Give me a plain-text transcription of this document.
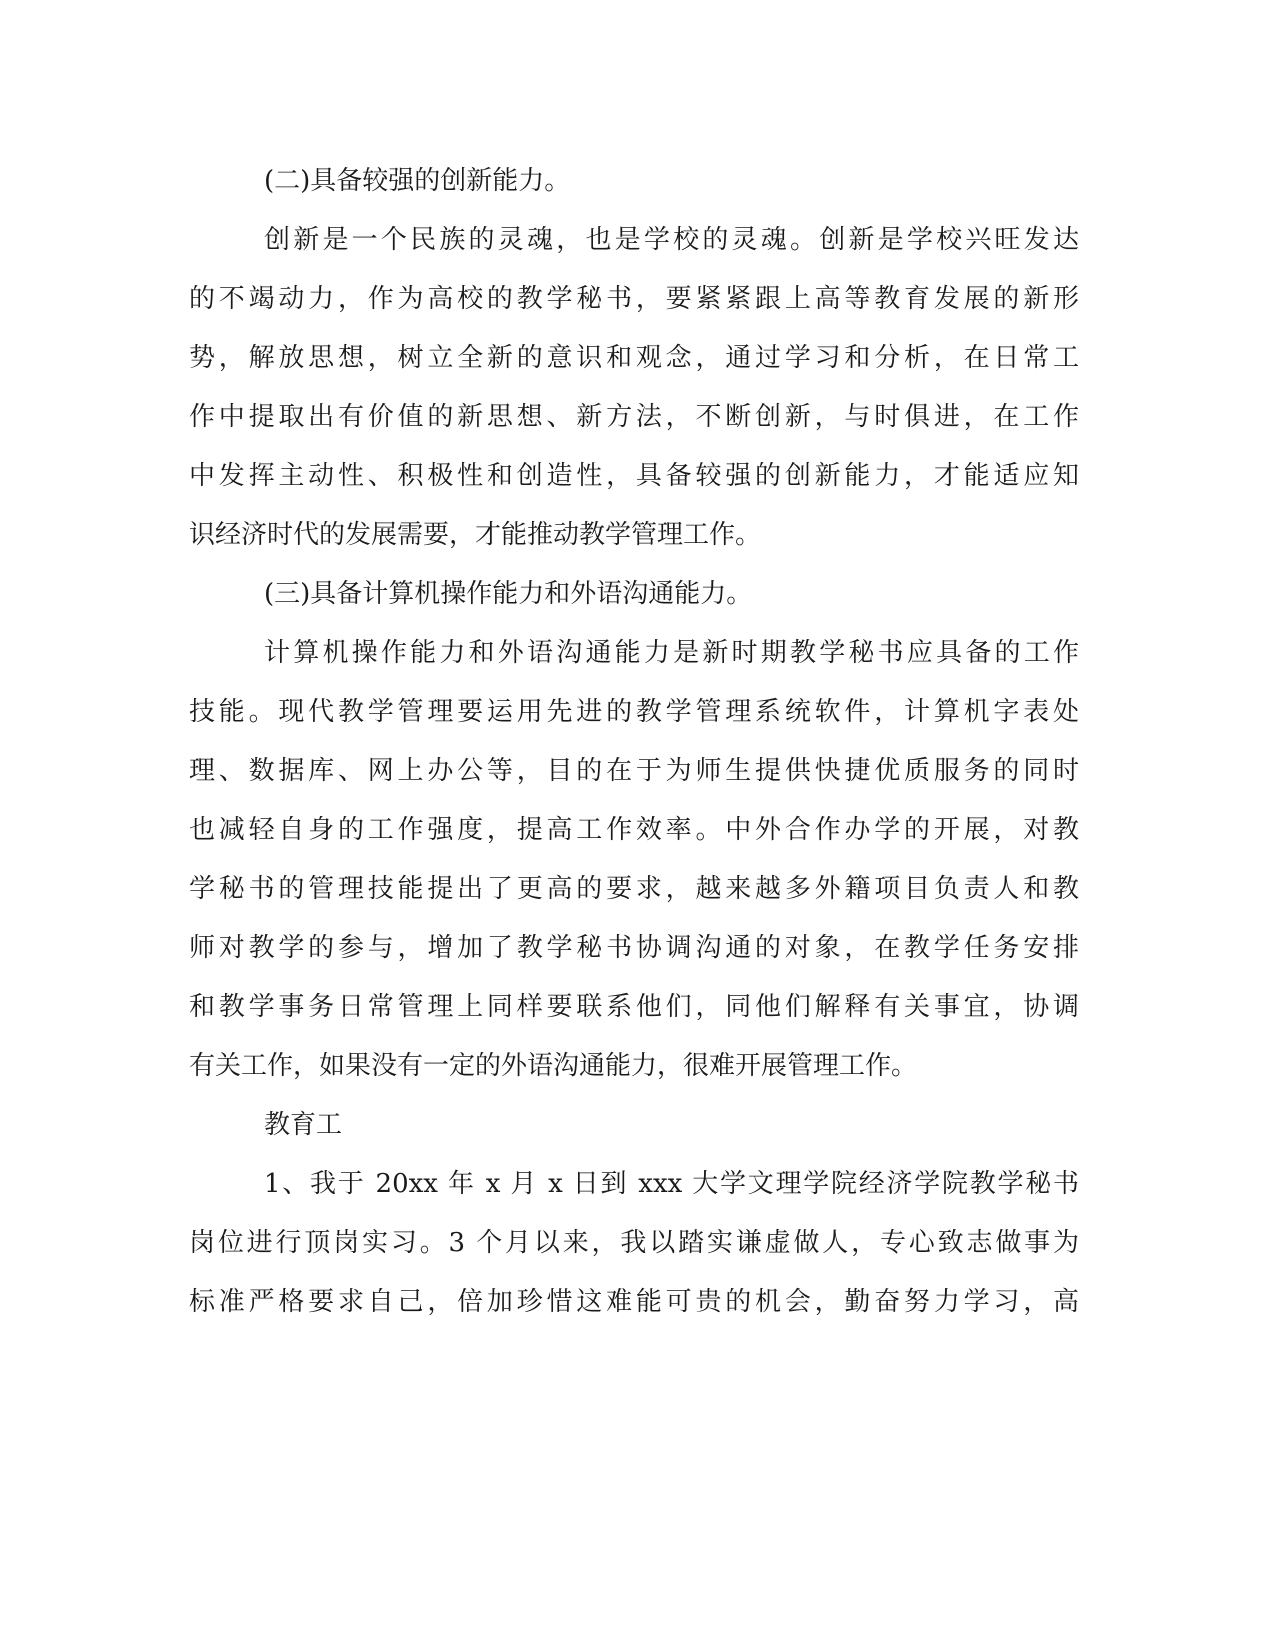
(二)具备较强的创新能力。
创新是一个民族的灵魂，也是学校的灵魂。创新是学校兴旺发达
的不竭动力，作为高校的教学秘书，要紧紧跟上高等教育发展的新形
势，解放思想，树立全新的意识和观念，通过学习和分析，在日常工
作中提取出有价值的新思想、新方法，不断创新，与时俱进，在工作
中发挥主动性、积极性和创造性，具备较强的创新能力，才能适应知
识经济时代的发展需要，才能推动教学管理工作。
(三)具备计算机操作能力和外语沟通能力。
计算机操作能力和外语沟通能力是新时期教学秘书应具备的工作
技能。现代教学管理要运用先进的教学管理系统软件，计算机字表处
理、数据库、网上办公等，目的在于为师生提供快捷优质服务的同时
也减轻自身的工作强度，提高工作效率。中外合作办学的开展，对教
学秘书的管理技能提出了更高的要求，越来越多外籍项目负责人和教
师对教学的参与，增加了教学秘书协调沟通的对象，在教学任务安排
和教学事务日常管理上同样要联系他们，同他们解释有关事宜，协调
有关工作，如果没有一定的外语沟通能力，很难开展管理工作。
教育工
1、我于 20xx 年 x 月 x 日到 xxx 大学文理学院经济学院教学秘书
岗位进行顶岗实习。3 个月以来，我以踏实谦虚做人，专心致志做事为
标准严格要求自己，倍加珍惜这难能可贵的机会，勤奋努力学习，高
